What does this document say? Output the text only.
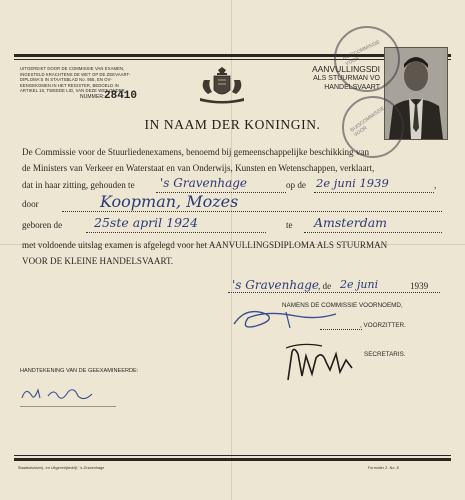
UITGEREIKT DOOR DE COMMISSIE VAN EXAMEN,
INGESTELD KRACHTENS DE WET OP DE ZEEVAART-
DIPLOMA'S IN STAATSBLAD No. 955, EN OV-
EENGEKOMEN IN HET REGISTER, BEDOELD IN
ARTIKEL 16, TWEEDE LID, VAN DEZE WET ONDER
NUMMER: 28410
AANVULLINGSDI
ALS STUURMAN VO
HANDELSVAART
BUISCOMMISSIE VOOR
BUISCOMMISSIE VOOR
IN NAAM DER KONINGIN.
De Commissie voor de Stuurliedenexamens, benoemd bij gemeenschappelijke beschikking van
de Ministers van Verkeer en Waterstaat en van Onderwijs, Kunsten en Wetenschappen, verklaart,
dat in haar zitting, gehouden te 's Gravenhage	op de 2e juni 1939	,
door	Koopman, Mozes
geboren de	25ste april 1924	te Amsterdam
met voldoende uitslag examen is afgelegd voor het AANVULLINGSDIPLOMA ALS STUURMAN
VOOR DE KLEINE HANDELSVAART.
's Gravenhage
, de 2e juni	1939
NAMENS DE COMMISSIE VOORNOEMD,
, VOORZITTER.
SECRETARIS.
HANDTEKENING VAN DE GEEXAMINEERDE:
Staatsdrukkerij- en Uitgeverijbedrijf, 's-Gravenhage	Formulier Z. No. 8
